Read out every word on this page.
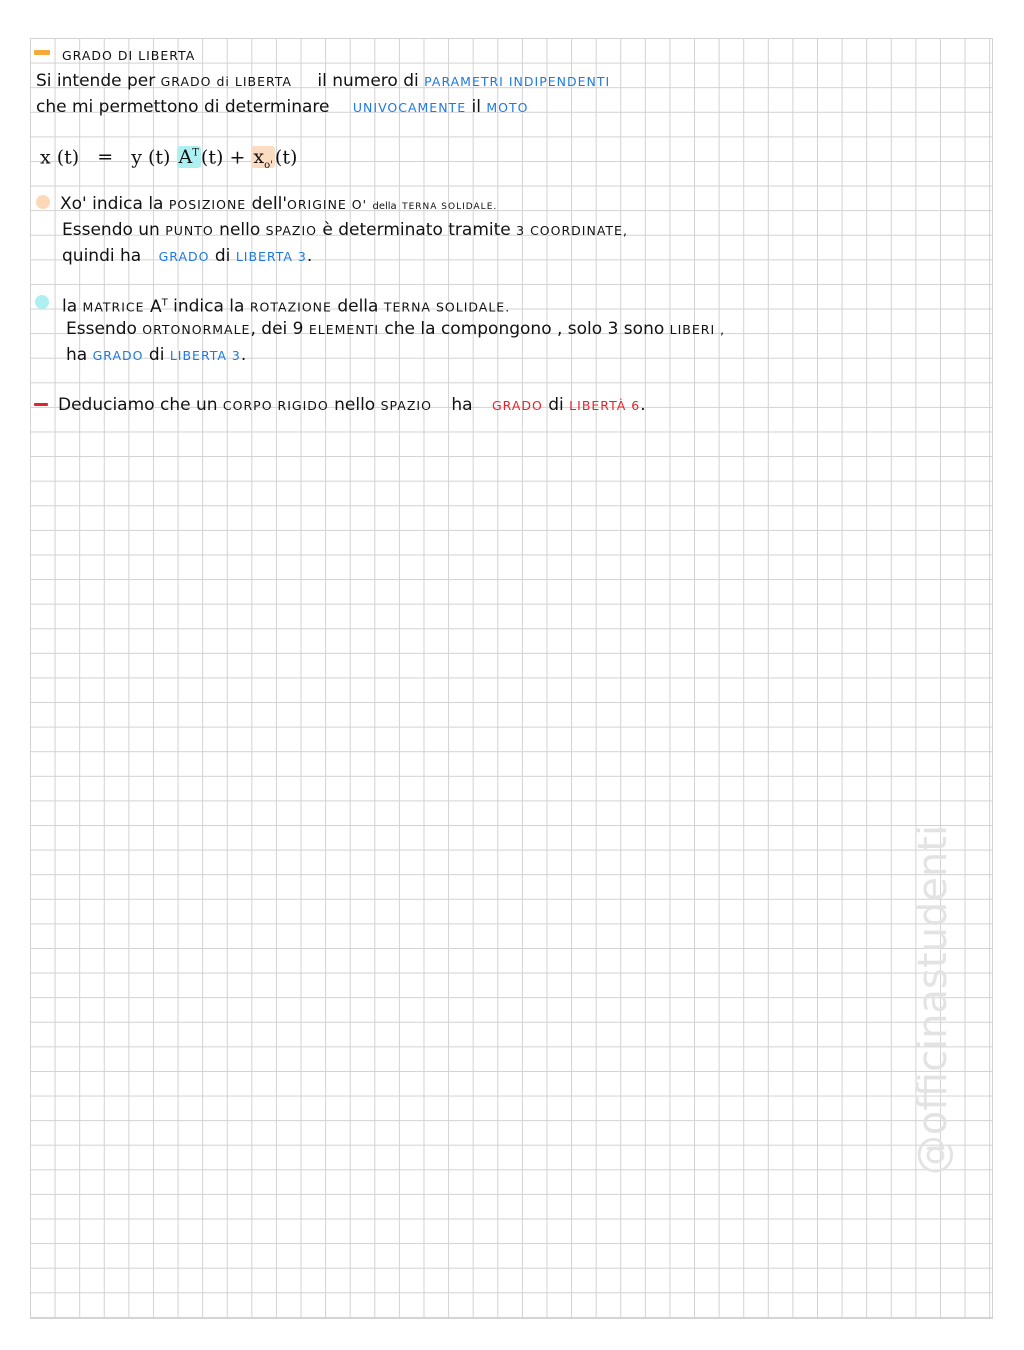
GRADO DI LIBERTA
Si intende per GRADO di LIBERTA il numero di PARAMETRI INDIPENDENTI
che mi permettono di determinare UNIVOCAMENTE il MOTO
x (t) = y (t) $A^T$ $(t) + x_{o'}$ (t)
Xo' indica la POSIZIONE dell'ORIGINE O' della TERNA SOLIDALE.
Essendo un PUNTO nello SPAZIO è determinato tramite 3 COORDINATE,
quindi ha GRADO di LIBERTA 3.
la MATRICE $A^T$ indica la ROTAZIONE della TERNA SOLIDALE.
Essendo ORTONORMALE, dei 9 ELEMENTI che la compongono , solo 3 sono LIBERI ,
ha GRADO di LIBERTA 3.
Deduciamo che un CORPO RIGIDO nello SPAZIO ha GRADO di LIBERTÀ 6.
@officinastudenti
